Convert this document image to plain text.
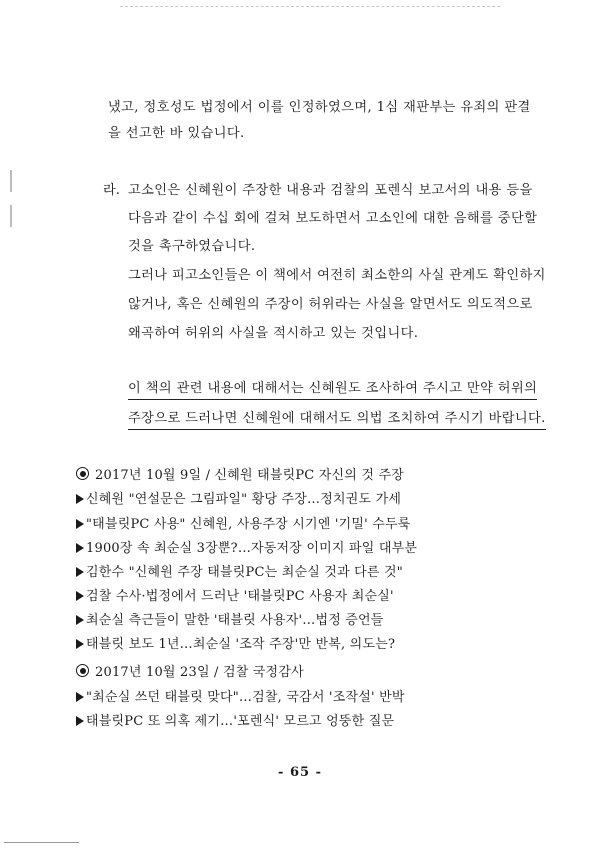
냈고, 정호성도 법정에서 이를 인정하였으며, 1심 재판부는 유죄의 판결
을 선고한 바 있습니다.
라. 고소인은 신혜원이 주장한 내용과 검찰의 포렌식 보고서의 내용 등을
다음과 같이 수십 회에 걸쳐 보도하면서 고소인에 대한 음해를 중단할
것을 촉구하였습니다.
그러나 피고소인들은 이 책에서 여전히 최소한의 사실 관계도 확인하지
않거나, 혹은 신혜원의 주장이 허위라는 사실을 알면서도 의도적으로
왜곡하여 허위의 사실을 적시하고 있는 것입니다.
이 책의 관련 내용에 대해서는 신혜원도 조사하여 주시고 만약 허위의
주장으로 드러나면 신혜원에 대해서도 의법 조치하여 주시기 바랍니다.
2017년 10월 9일 / 신혜원 태블릿PC 자신의 것 주장
신혜원 "연설문은 그림파일" 황당 주장…정치권도 가세
"태블릿PC 사용" 신혜원, 사용주장 시기엔 '기밀' 수두룩
1900장 속 최순실 3장뿐?…자동저장 이미지 파일 대부분
김한수 "신혜원 주장 태블릿PC는 최순실 것과 다른 것"
검찰 수사·법정에서 드러난 '태블릿PC 사용자 최순실'
최순실 측근들이 말한 '태블릿 사용자'…법정 증언들
태블릿 보도 1년…최순실 '조작 주장'만 반복, 의도는?
2017년 10월 23일 / 검찰 국정감사
"최순실 쓰던 태블릿 맞다"…검찰, 국감서 '조작설' 반박
태블릿PC 또 의혹 제기…'포렌식' 모르고 엉뚱한 질문
- 65 -
